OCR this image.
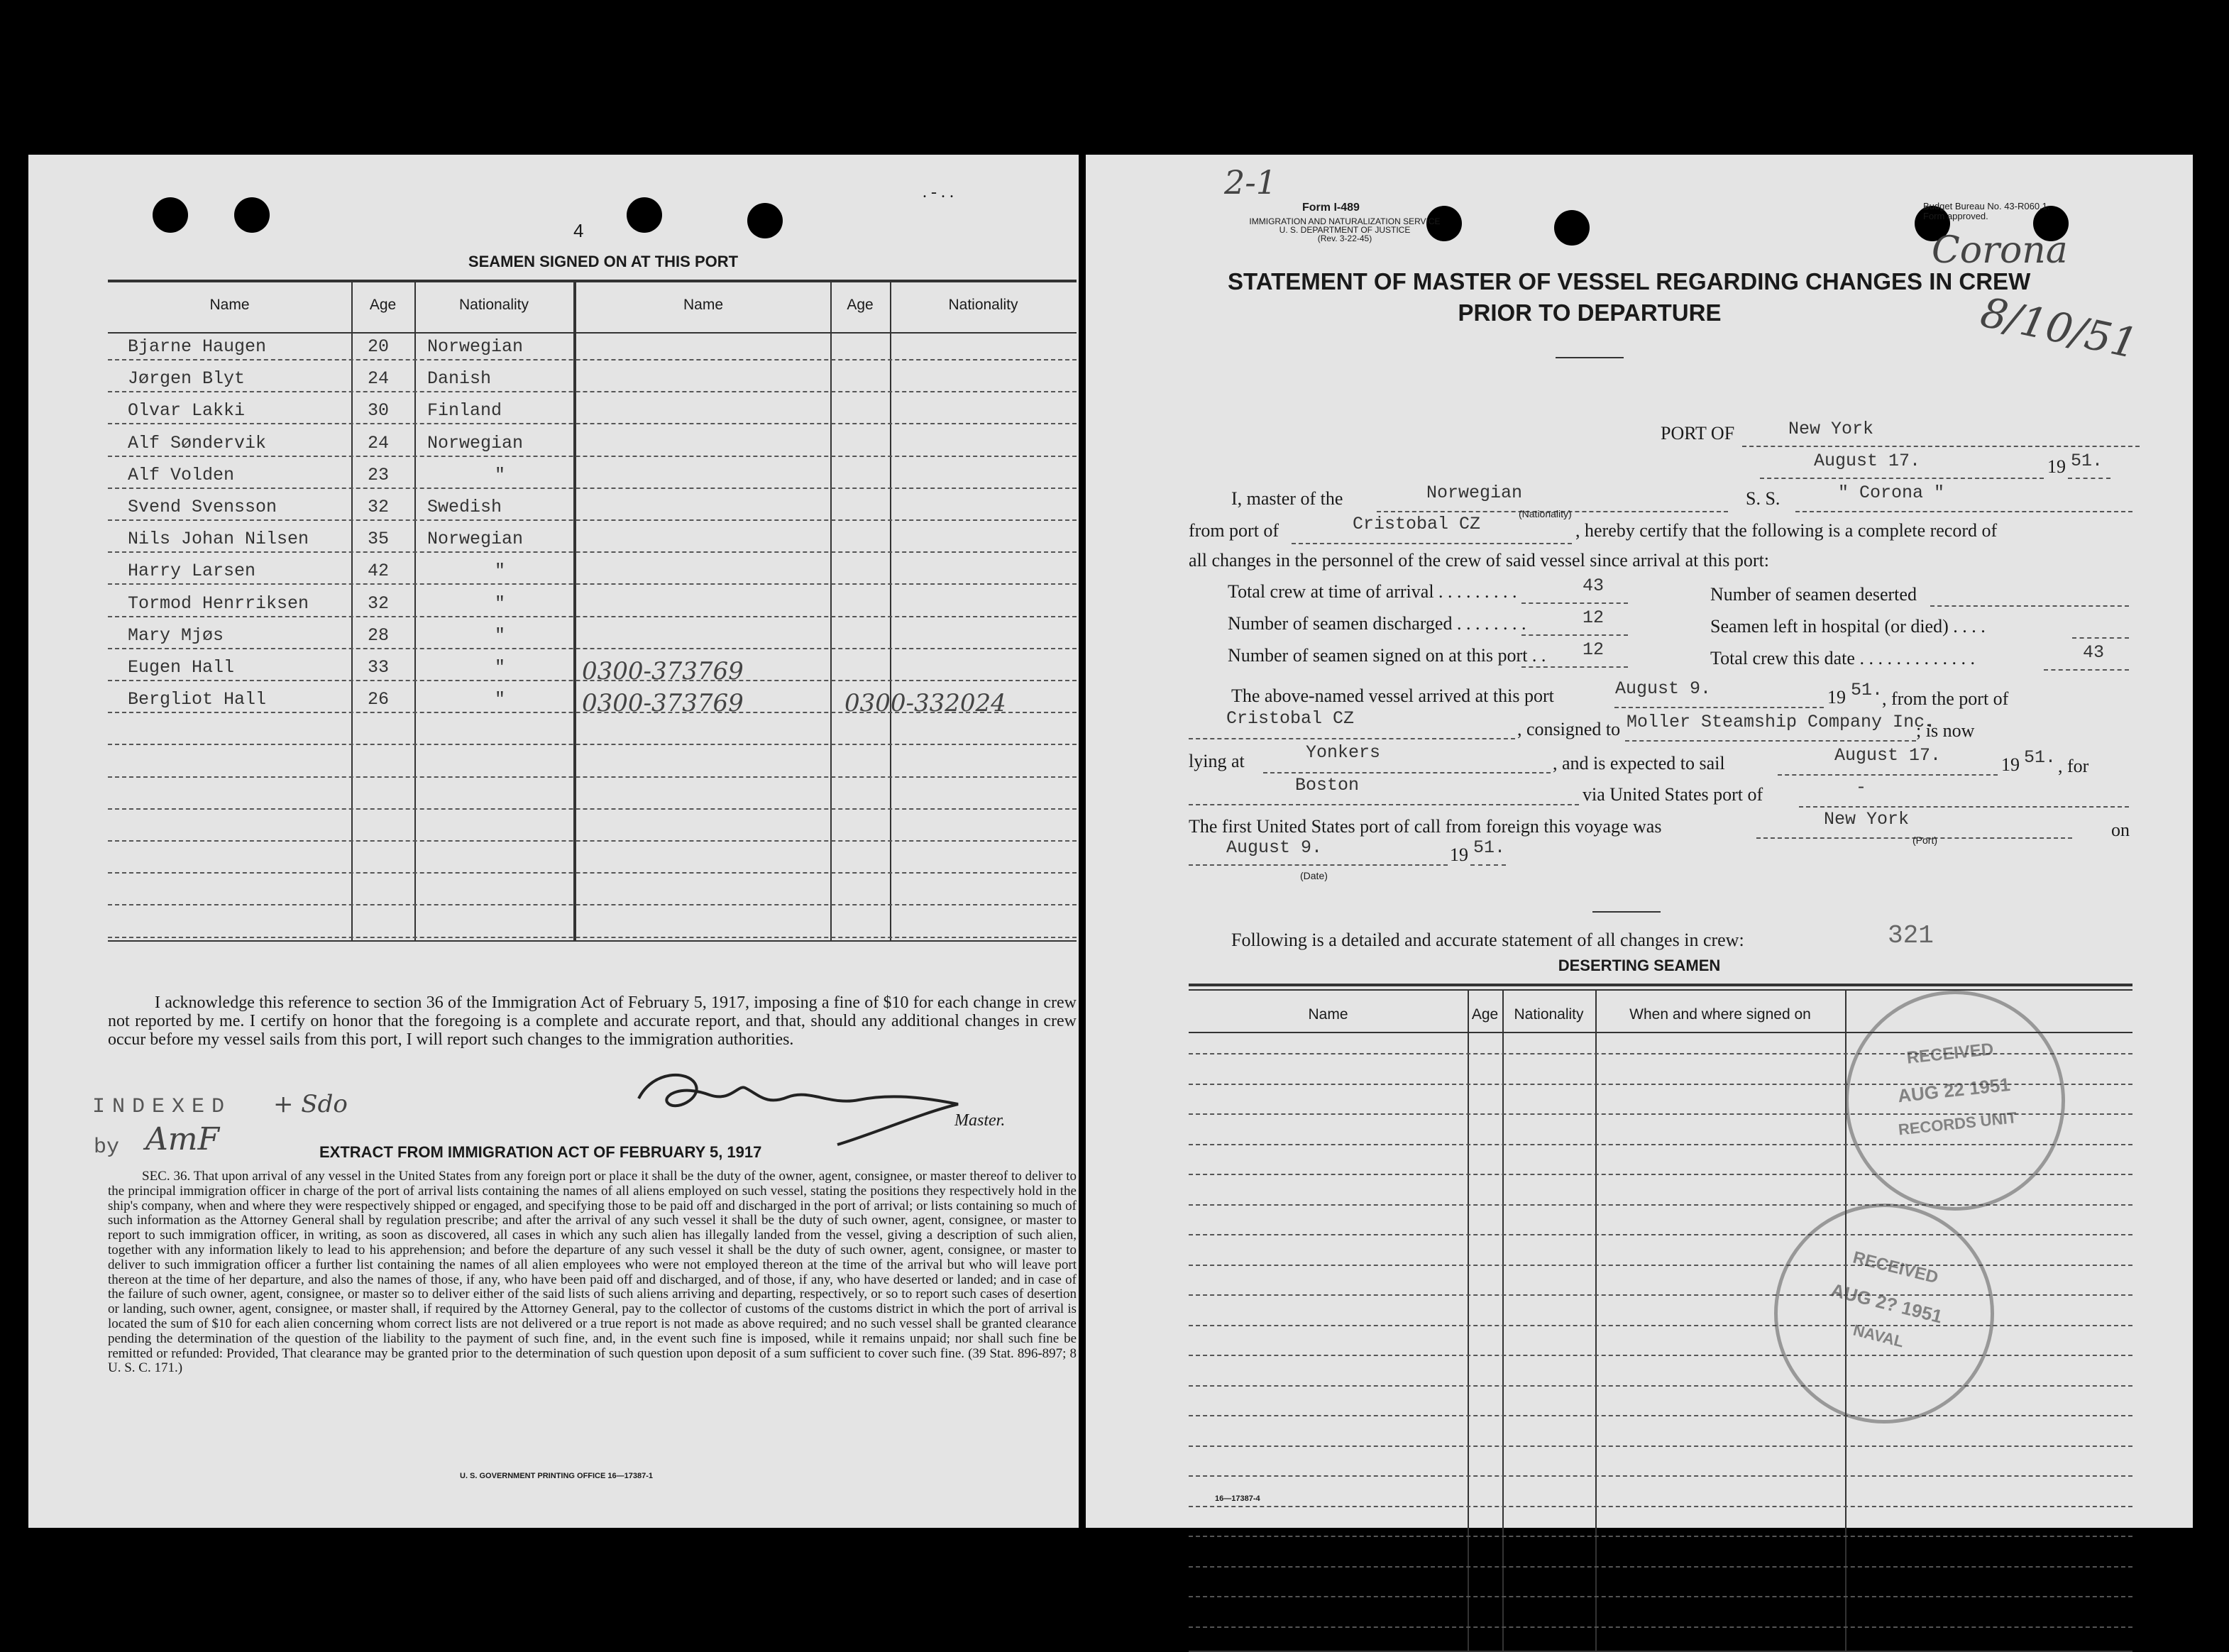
. - . .
4
SEAMEN SIGNED ON AT THIS PORT
Name	Age	Nationality	Name	Age	Nationality
Bjarne Haugen	20 Norwegian
Jørgen Blyt	24 Danish
Olvar Lakki	30 Finland
Alf Søndervik	24 Norwegian
Alf Volden	23	"
Svend Svensson	32 Swedish
Nils Johan Nilsen	35 Norwegian
Harry Larsen	42	"
Tormod Henrriksen	32	"
Mary Mjøs	28	"
Eugen Hall	33	"	0300-373769
Bergliot Hall	26	"	0300-373769	0300-332024
I acknowledge this reference to section 36 of the Immigration Act of February 5, 1917, imposing a fine of $10 for each change in crew not reported by me. I certify on honor that the foregoing is a complete and accurate report, and that, should any additional changes in crew occur before my vessel sails from this port, I will report such changes to the immigration authorities.
INDEXED + Sdo
by AmF
Master.
EXTRACT FROM IMMIGRATION ACT OF FEBRUARY 5, 1917
SEC. 36. That upon arrival of any vessel in the United States from any foreign port or place it shall be the duty of the owner, agent, consignee, or master thereof to deliver to the principal immigration officer in charge of the port of arrival lists containing the names of all aliens employed on such vessel, stating the positions they respectively hold in the ship's company, when and where they were respectively shipped or engaged, and specifying those to be paid off and discharged in the port of arrival; or lists containing so much of such information as the Attorney General shall by regulation prescribe; and after the arrival of any such vessel it shall be the duty of such owner, agent, consignee, or master to report to such immigration officer, in writing, as soon as discovered, all cases in which any such alien has illegally landed from the vessel, giving a description of such alien, together with any information likely to lead to his apprehension; and before the departure of any such vessel it shall be the duty of such owner, agent, consignee, or master to deliver to such immigration officer a further list containing the names of all alien employees who were not employed thereon at the time of the arrival but who will leave port thereon at the time of her departure, and also the names of those, if any, who have been paid off and discharged, and of those, if any, who have deserted or landed; and in case of the failure of such owner, agent, consignee, or master so to deliver either of the said lists of such aliens arriving and departing, respectively, or so to report such cases of desertion or landing, such owner, agent, consignee, or master shall, if required by the Attorney General, pay to the collector of customs of the customs district in which the port of arrival is located the sum of $10 for each alien concerning whom correct lists are not delivered or a true report is not made as above required; and no such vessel shall be granted clearance pending the determination of the question of the liability to the payment of such fine, and, in the event such fine is imposed, while it remains unpaid; nor shall such fine be remitted or refunded: Provided, That clearance may be granted prior to the determination of such question upon deposit of a sum sufficient to cover such fine. (39 Stat. 896-897; 8 U. S. C. 171.)
U. S. GOVERNMENT PRINTING OFFICE 16—17387-1
2-1
Form I-489
IMMIGRATION AND NATURALIZATION SERVICE
U. S. DEPARTMENT OF JUSTICE
(Rev. 3-22-45)
Budget Bureau No. 43-R060.1.
Form approved.
Corona
8/10/51
STATEMENT OF MASTER OF VESSEL REGARDING CHANGES IN CREW
PRIOR TO DEPARTURE
PORT OF	New York
August 17.	19 51.
I, master of the	Norwegian
(Nationality)
S. S.	" Corona "
from port of	Cristobal CZ	, hereby certify that the following is a complete record of
all changes in the personnel of the crew of said vessel since arrival at this port:
Total crew at time of arrival . . . . . . . . .	43	Number of seamen deserted
Number of seamen discharged . . . . . . . .	12	Seamen left in hospital (or died) . . . .
Number of seamen signed on at this port . . 12	Total crew this date . . . . . . . . . . . . .	43
The above-named vessel arrived at this port	August 9.	19 51.
, from the port of
Cristobal CZ
, consigned to Moller Steamship Company Inc.
; is now
lying at	Yonkers
, and is expected to sail	August 17.	19 51. , for
Boston	via United States port of	-
The first United States port of call from foreign this voyage was	New York
(Port)	on
August 9.
(Date)
19 51.
Following is a detailed and accurate statement of all changes in crew:	321
DESERTING SEAMEN
Name	Age	Nationality	When and where signed on
RECEIVED
AUG 22 1951
RECORDS UNIT
RECEIVED
AUG 2? 1951
NAVAL
16—17387-4
